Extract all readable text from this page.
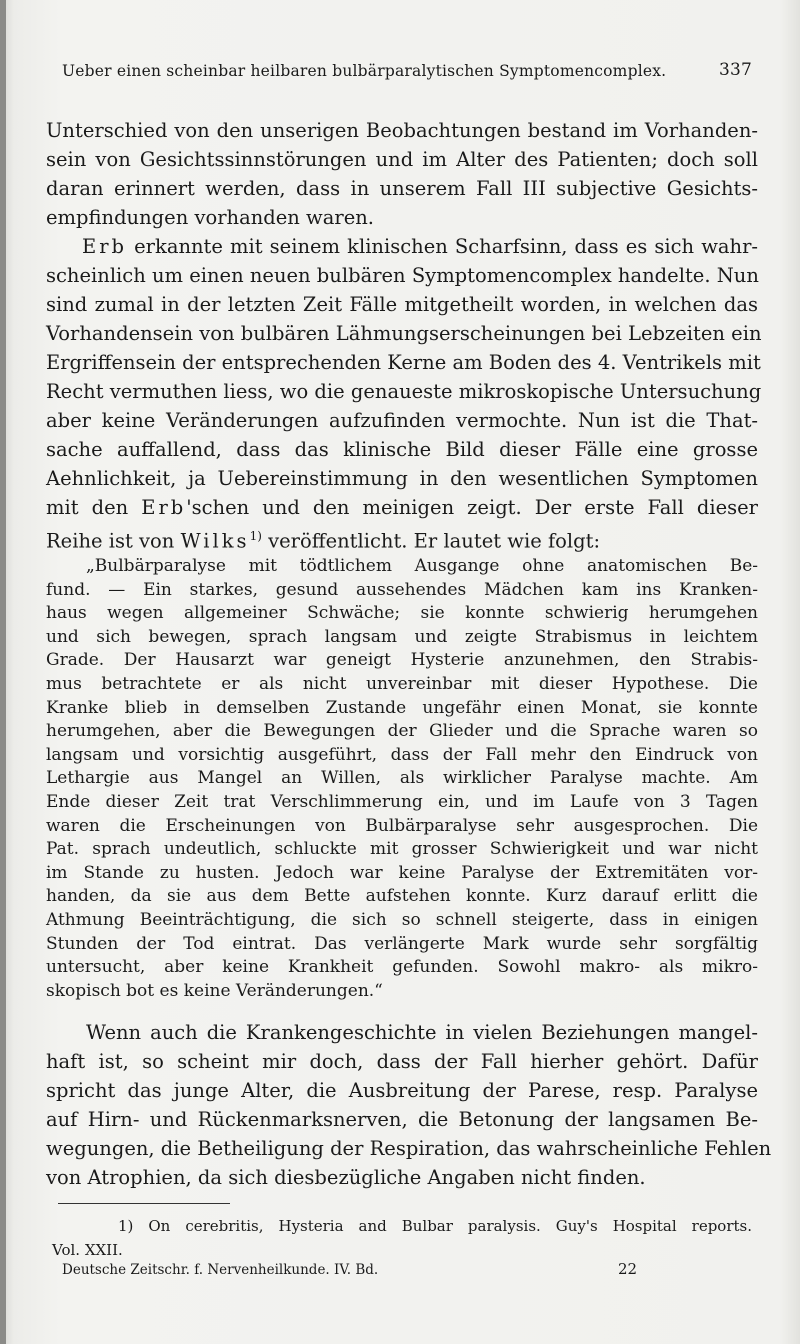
Ueber einen scheinbar heilbaren bulbärparalytischen Symptomencomplex.	337
Unterschied von den unserigen Beobachtungen bestand im Vorhanden-
sein von Gesichtssinnstörungen und im Alter des Patienten; doch soll
daran erinnert werden, dass in unserem Fall III subjective Gesichts-
empfindungen vorhanden waren.
Erb erkannte mit seinem klinischen Scharfsinn, dass es sich wahr-
scheinlich um einen neuen bulbären Symptomencomplex handelte. Nun
sind zumal in der letzten Zeit Fälle mitgetheilt worden, in welchen das
Vorhandensein von bulbären Lähmungserscheinungen bei Lebzeiten ein
Ergriffensein der entsprechenden Kerne am Boden des 4. Ventrikels mit
Recht vermuthen liess, wo die genaueste mikroskopische Untersuchung
aber keine Veränderungen aufzufinden vermochte. Nun ist die That-
sache auffallend, dass das klinische Bild dieser Fälle eine grosse
Aehnlichkeit, ja Uebereinstimmung in den wesentlichen Symptomen
mit den Erb'schen und den meinigen zeigt. Der erste Fall dieser
Reihe ist von Wilks$^{1)}$ veröffentlicht. Er lautet wie folgt:
„Bulbärparalyse mit tödtlichem Ausgange ohne anatomischen Be-
fund. — Ein starkes, gesund aussehendes Mädchen kam ins Kranken-
haus wegen allgemeiner Schwäche; sie konnte schwierig herumgehen
und sich bewegen, sprach langsam und zeigte Strabismus in leichtem
Grade. Der Hausarzt war geneigt Hysterie anzunehmen, den Strabis-
mus betrachtete er als nicht unvereinbar mit dieser Hypothese. Die
Kranke blieb in demselben Zustande ungefähr einen Monat, sie konnte
herumgehen, aber die Bewegungen der Glieder und die Sprache waren so
langsam und vorsichtig ausgeführt, dass der Fall mehr den Eindruck von
Lethargie aus Mangel an Willen, als wirklicher Paralyse machte. Am
Ende dieser Zeit trat Verschlimmerung ein, und im Laufe von 3 Tagen
waren die Erscheinungen von Bulbärparalyse sehr ausgesprochen. Die
Pat. sprach undeutlich, schluckte mit grosser Schwierigkeit und war nicht
im Stande zu husten. Jedoch war keine Paralyse der Extremitäten vor-
handen, da sie aus dem Bette aufstehen konnte. Kurz darauf erlitt die
Athmung Beeinträchtigung, die sich so schnell steigerte, dass in einigen
Stunden der Tod eintrat. Das verlängerte Mark wurde sehr sorgfältig
untersucht, aber keine Krankheit gefunden. Sowohl makro- als mikro-
skopisch bot es keine Veränderungen.“
Wenn auch die Krankengeschichte in vielen Beziehungen mangel-
haft ist, so scheint mir doch, dass der Fall hierher gehört. Dafür
spricht das junge Alter, die Ausbreitung der Parese, resp. Paralyse
auf Hirn- und Rückenmarksnerven, die Betonung der langsamen Be-
wegungen, die Betheiligung der Respiration, das wahrscheinliche Fehlen
von Atrophien, da sich diesbezügliche Angaben nicht finden.
1) On cerebritis, Hysteria and Bulbar paralysis. Guy's Hospital reports.
Vol. XXII.
Deutsche Zeitschr. f. Nervenheilkunde. IV. Bd.	22
